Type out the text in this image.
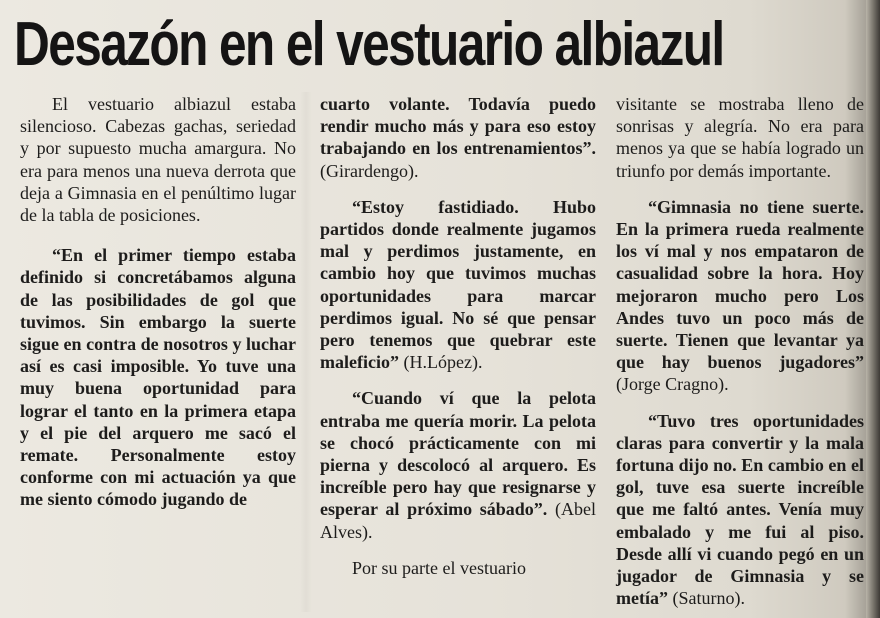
Desazón en el vestuario albiazul

El vestuario albiazul estaba silencioso. Cabezas gachas, seriedad y por supuesto mucha amargura. No era para menos una nueva derrota que deja a Gimnasia en el penúltimo lugar de la tabla de posiciones.

“En el primer tiempo estaba definido si concretábamos alguna de las posibilidades de gol que tuvimos. Sin embargo la suerte sigue en contra de nosotros y luchar así es casi imposible. Yo tuve una muy buena oportunidad para lograr el tanto en la primera etapa y el pie del arquero me sacó el remate. Personalmente estoy conforme con mi actuación ya que me siento cómodo jugando de

cuarto volante. Todavía puedo rendir mucho más y para eso estoy trabajando en los entrenamientos”. (Girardengo).

“Estoy fastidiado. Hubo partidos donde realmente jugamos mal y perdimos justamente, en cambio hoy que tuvimos muchas oportunidades para marcar perdimos igual. No sé que pensar pero tenemos que quebrar este maleficio” (H.López).

“Cuando ví que la pelota entraba me quería morir. La pelota se chocó prácticamente con mi pierna y descolocó al arquero. Es increíble pero hay que resignarse y esperar al próximo sábado”. (Abel Alves).

Por su parte el vestuario

visitante se mostraba lleno de sonrisas y alegría. No era para menos ya que se había logrado un triunfo por demás importante.

“Gimnasia no tiene suerte. En la primera rueda realmente los ví mal y nos empataron de casualidad sobre la hora. Hoy mejoraron mucho pero Los Andes tuvo un poco más de suerte. Tienen que levantar ya que hay buenos jugadores” (Jorge Cragno).

“Tuvo tres oportunidades claras para convertir y la mala fortuna dijo no. En cambio en el gol, tuve esa suerte increíble que me faltó antes. Venía muy embalado y me fui al piso. Desde allí vi cuando pegó en un jugador de Gimnasia y se metía” (Saturno).
